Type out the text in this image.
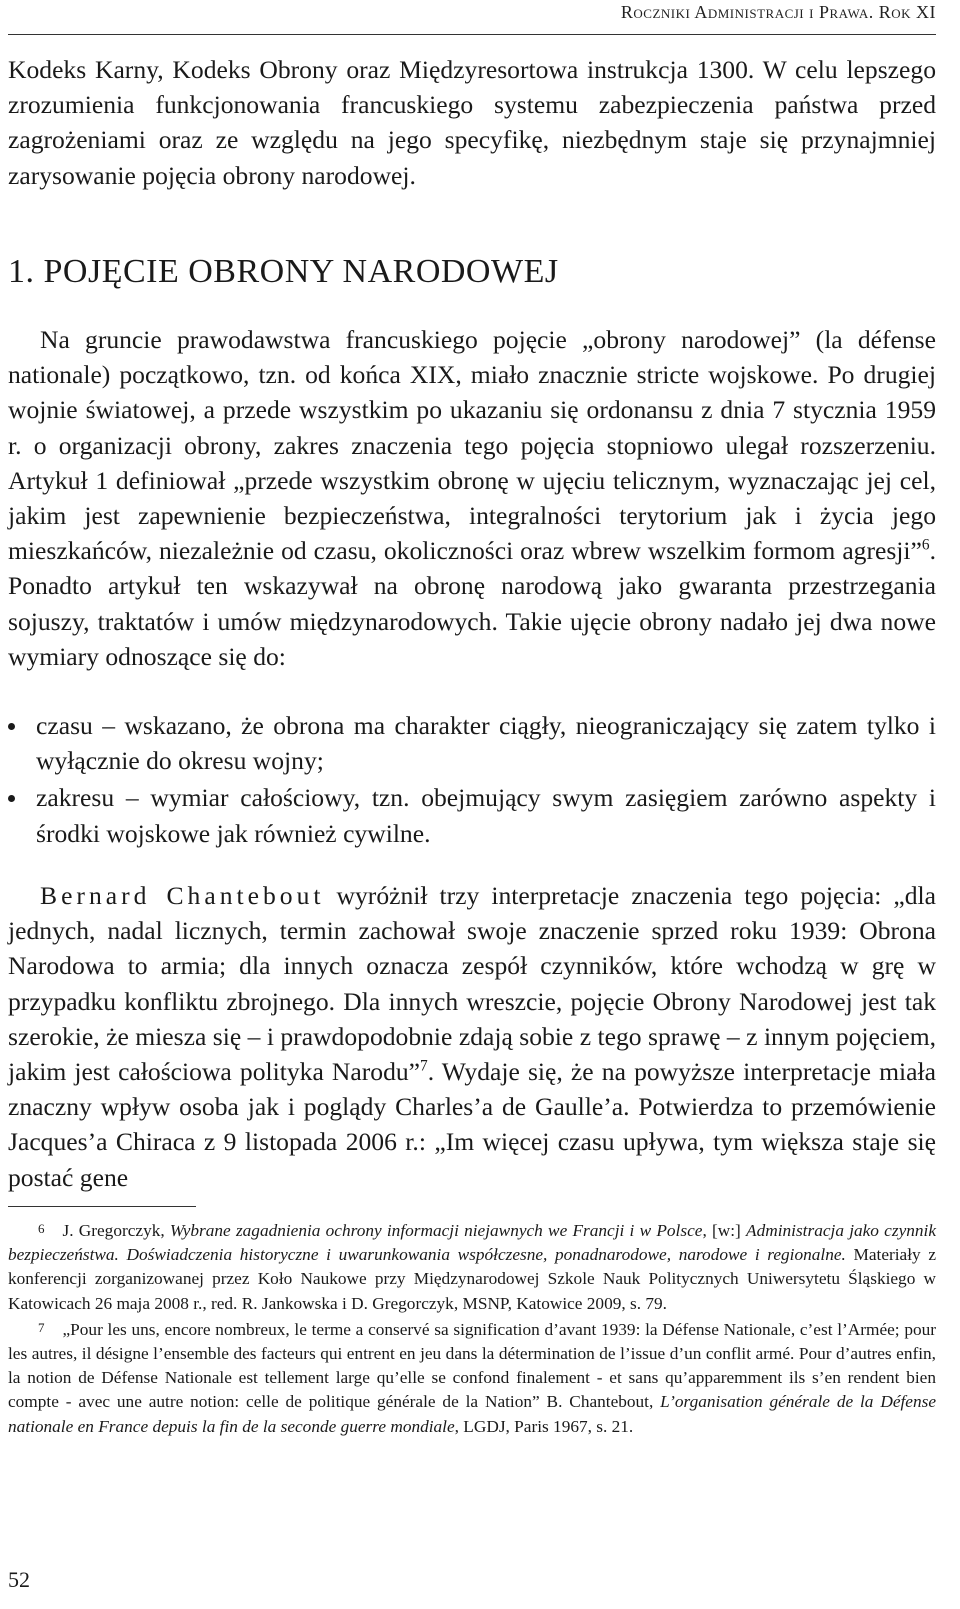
Roczniki Administracji i Prawa. Rok XI

Kodeks Karny, Kodeks Obrony oraz Międzyresortowa instrukcja 1300. W celu lepszego zrozumienia funkcjonowania francuskiego systemu zabezpieczenia państwa przed zagrożeniami oraz ze względu na jego specyfikę, niezbędnym staje się przynajmniej zarysowanie pojęcia obrony narodowej.

1. POJĘCIE OBRONY NARODOWEJ

Na gruncie prawodawstwa francuskiego pojęcie „obrony narodowej” (la défense nationale) początkowo, tzn. od końca XIX, miało znacznie stricte wojskowe. Po drugiej wojnie światowej, a przede wszystkim po ukazaniu się ordonansu z dnia 7 stycznia 1959 r. o organizacji obrony, zakres znaczenia tego pojęcia stopniowo ulegał rozszerzeniu. Artykuł 1 definiował „przede wszystkim obronę w ujęciu telicznym, wyznaczając jej cel, jakim jest zapewnienie bezpieczeństwa, integralności terytorium jak i życia jego mieszkańców, niezależnie od czasu, okoliczności oraz wbrew wszelkim formom agresji”$^6$. Ponadto artykuł ten wskazywał na obronę narodową jako gwaranta przestrzegania sojuszy, traktatów i umów międzynarodowych. Takie ujęcie obrony nadało jej dwa nowe wymiary odnoszące się do:

czasu – wskazano, że obrona ma charakter ciągły, nieograniczający się zatem tylko i wyłącznie do okresu wojny;
zakresu – wymiar całościowy, tzn. obejmujący swym zasięgiem zarówno aspekty i środki wojskowe jak również cywilne.

Bernard Chantebout wyróżnił trzy interpretacje znaczenia tego pojęcia: „dla jednych, nadal licznych, termin zachował swoje znaczenie sprzed roku 1939: Obrona Narodowa to armia; dla innych oznacza zespół czynników, które wchodzą w grę w przypadku konfliktu zbrojnego. Dla innych wreszcie, pojęcie Obrony Narodowej jest tak szerokie, że miesza się – i prawdopodobnie zdają sobie z tego sprawę – z innym pojęciem, jakim jest całościowa polityka Narodu”$^7$. Wydaje się, że na powyższe interpretacje miała znaczny wpływ osoba jak i poglądy Charles’a de Gaulle’a. Potwierdza to przemówienie Jacques’a Chiraca z 9 listopada 2006 r.: „Im więcej czasu upływa, tym większa staje się postać gene

6 J. Gregorczyk, Wybrane zagadnienia ochrony informacji niejawnych we Francji i w Polsce, [w:] Administracja jako czynnik bezpieczeństwa. Doświadczenia historyczne i uwarunkowania współczesne, ponadnarodowe, narodowe i regionalne. Materiały z konferencji zorganizowanej przez Koło Naukowe przy Międzynarodowej Szkole Nauk Politycznych Uniwersytetu Śląskiego w Katowicach 26 maja 2008 r., red. R. Jankowska i D. Gregorczyk, MSNP, Katowice 2009, s. 79.

7 „Pour les uns, encore nombreux, le terme a conservé sa signification d’avant 1939: la Défense Nationale, c’est l’Armée; pour les autres, il désigne l’ensemble des facteurs qui entrent en jeu dans la détermination de l’issue d’un conflit armé. Pour d’autres enfin, la notion de Défense Nationale est tellement large qu’elle se confond finalement - et sans qu’apparemment ils s’en rendent bien compte - avec une autre notion: celle de politique générale de la Nation” B. Chantebout, L’organisation générale de la Défense nationale en France depuis la fin de la seconde guerre mondiale, LGDJ, Paris 1967, s. 21.

52
